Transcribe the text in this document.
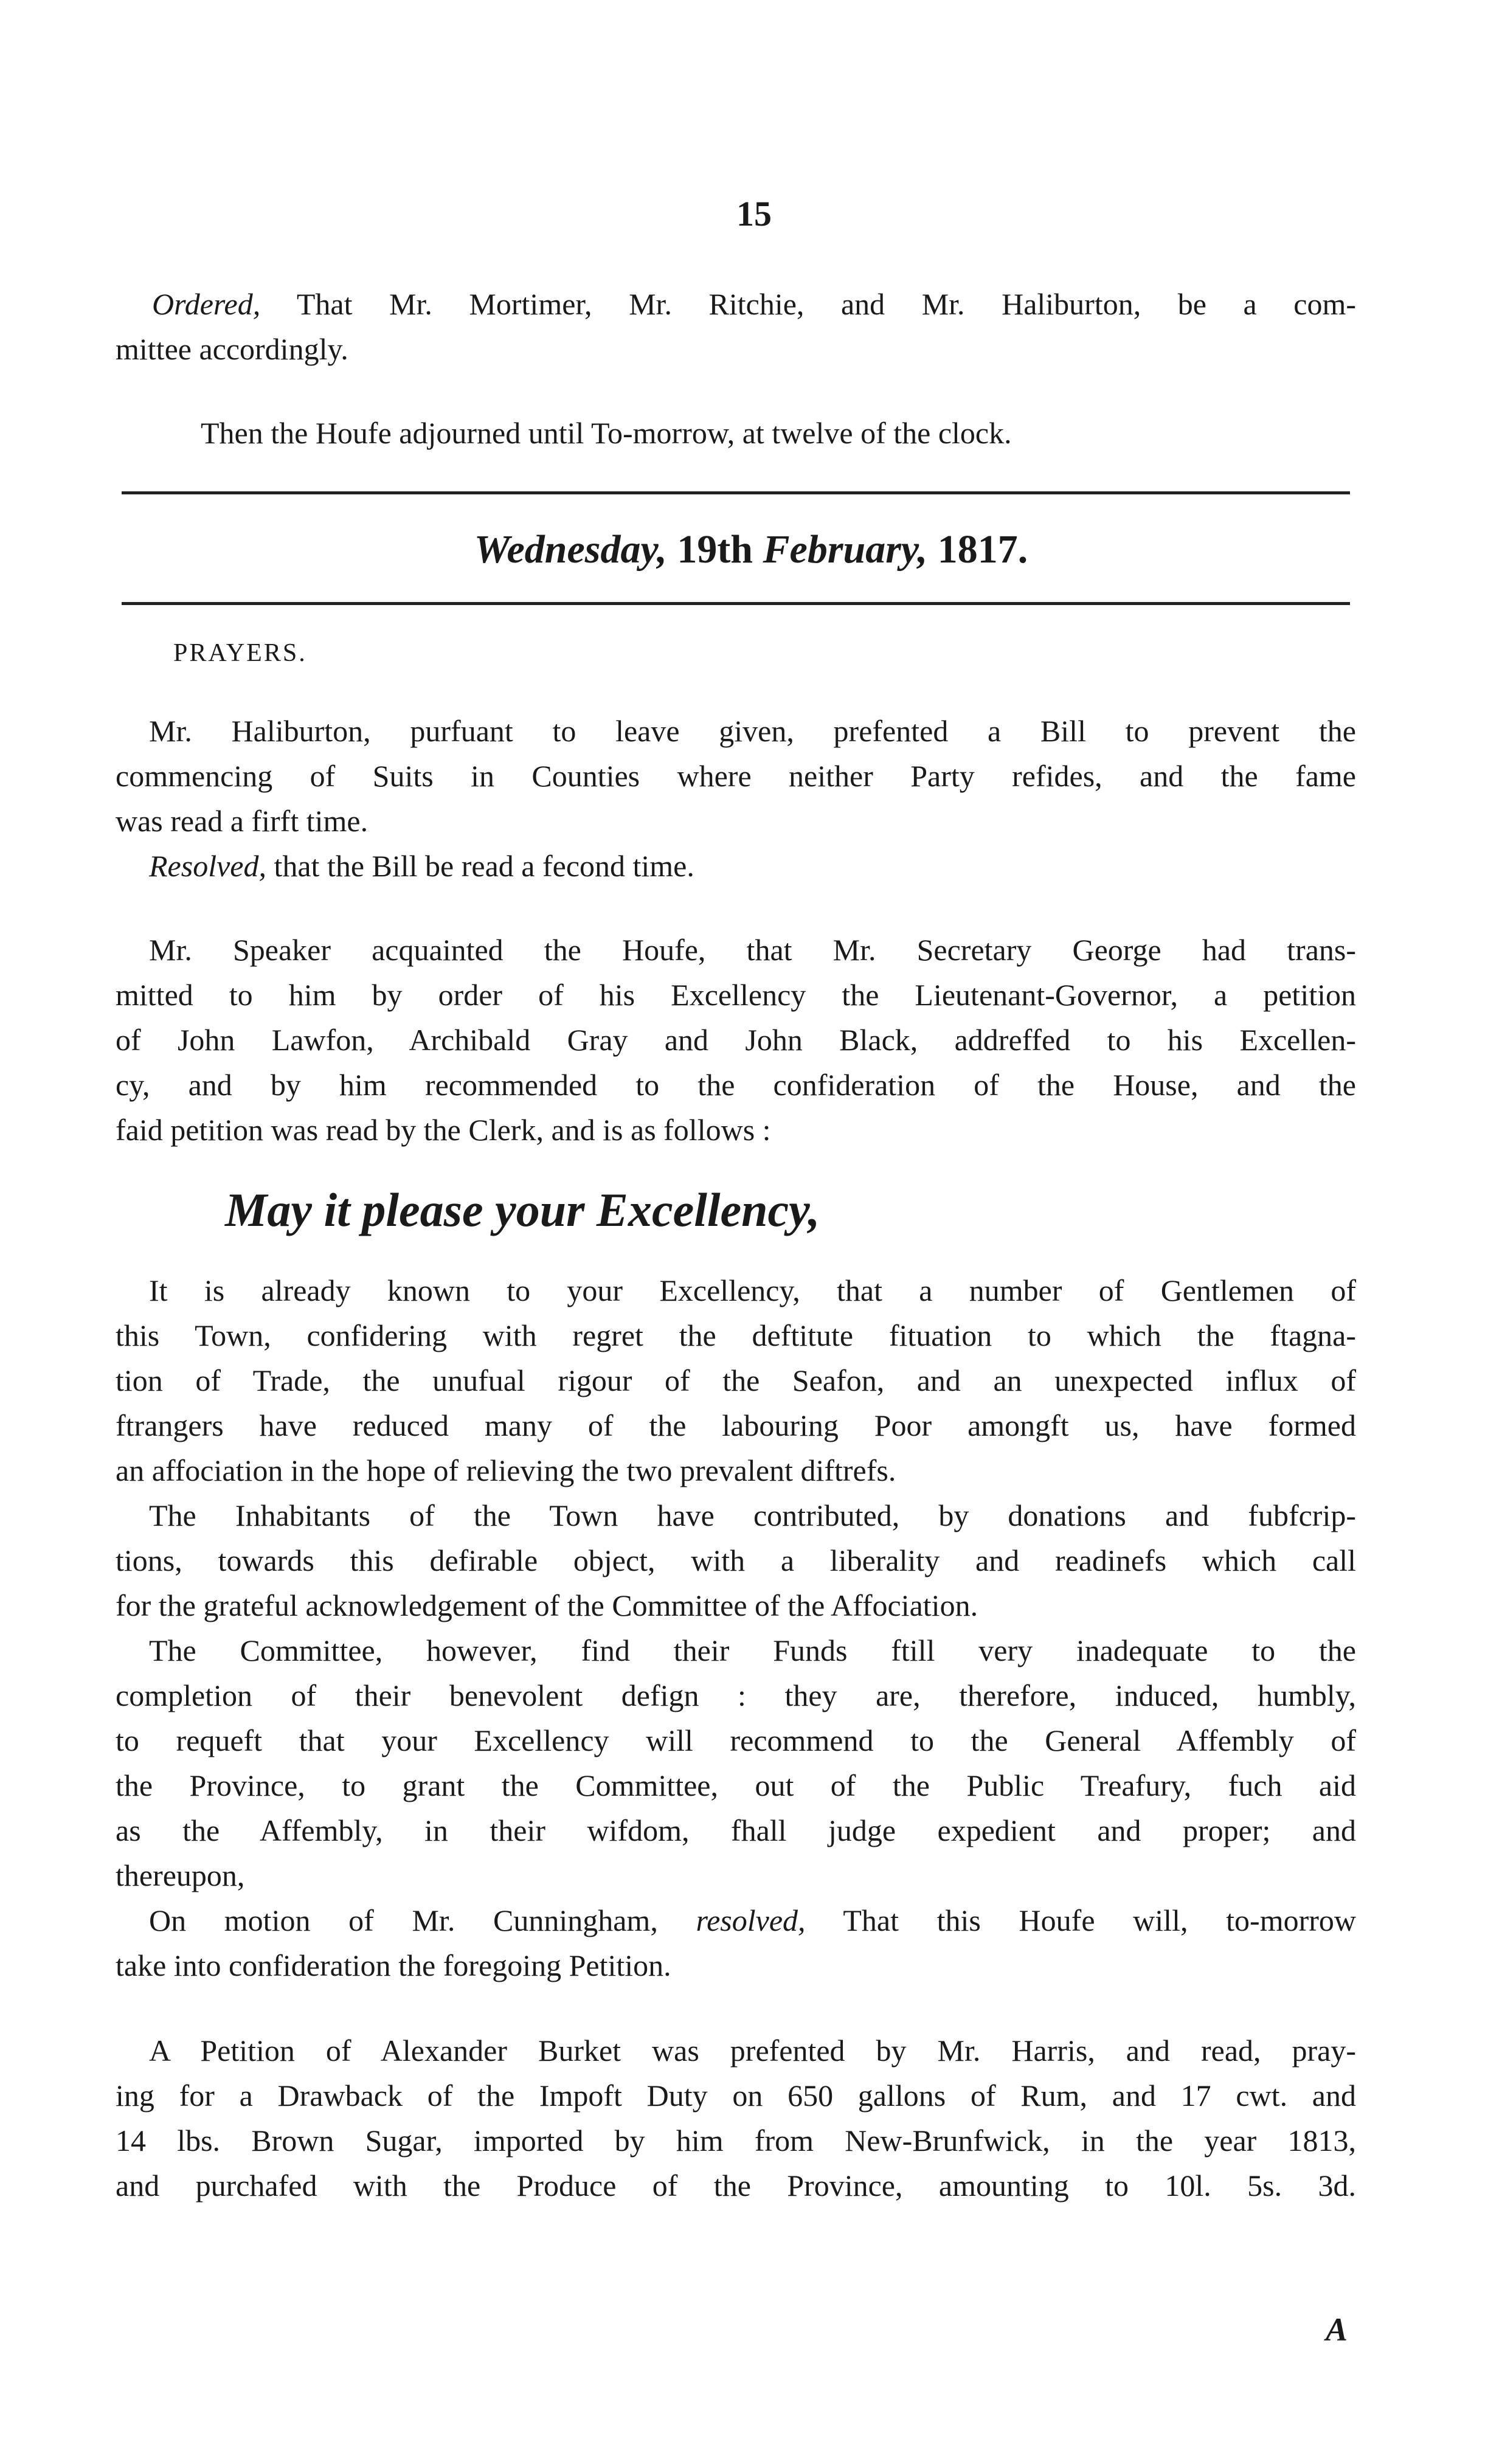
15
Ordered, That Mr. Mortimer, Mr. Ritchie, and Mr. Haliburton, be a com-
mittee accordingly.
Then the Houfe adjourned until To-morrow, at twelve of the clock.
Wednesday, 19th February, 1817.
PRAYERS.
Mr. Haliburton, purfuant to leave given, prefented a Bill to prevent the
commencing of Suits in Counties where neither Party refides, and the fame
was read a firft time.
Resolved, that the Bill be read a fecond time.
Mr. Speaker acquainted the Houfe, that Mr. Secretary George had trans-
mitted to him by order of his Excellency the Lieutenant-Governor, a petition
of John Lawfon, Archibald Gray and John Black, addreffed to his Excellen-
cy, and by him recommended to the confideration of the House, and the
faid petition was read by the Clerk, and is as follows :
May it please your Excellency,
It is already known to your Excellency, that a number of Gentlemen of
this Town, confidering with regret the deftitute fituation to which the ftagna-
tion of Trade, the unufual rigour of the Seafon, and an unexpected influx of
ftrangers have reduced many of the labouring Poor amongft us, have formed
an affociation in the hope of relieving the two prevalent diftrefs.
The Inhabitants of the Town have contributed, by donations and fubfcrip-
tions, towards this defirable object, with a liberality and readinefs which call
for the grateful acknowledgement of the Committee of the Affociation.
The Committee, however, find their Funds ftill very inadequate to the
completion of their benevolent defign : they are, therefore, induced, humbly,
to requeft that your Excellency will recommend to the General Affembly of
the Province, to grant the Committee, out of the Public Treafury, fuch aid
as the Affembly, in their wifdom, fhall judge expedient and proper; and
thereupon,
On motion of Mr. Cunningham, resolved, That this Houfe will, to-morrow
take into confideration the foregoing Petition.
A Petition of Alexander Burket was prefented by Mr. Harris, and read, pray-
ing for a Drawback of the Impoft Duty on 650 gallons of Rum, and 17 cwt. and
14 lbs. Brown Sugar, imported by him from New-Brunfwick, in the year 1813,
and purchafed with the Produce of the Province, amounting to 10l. 5s. 3d.
A
